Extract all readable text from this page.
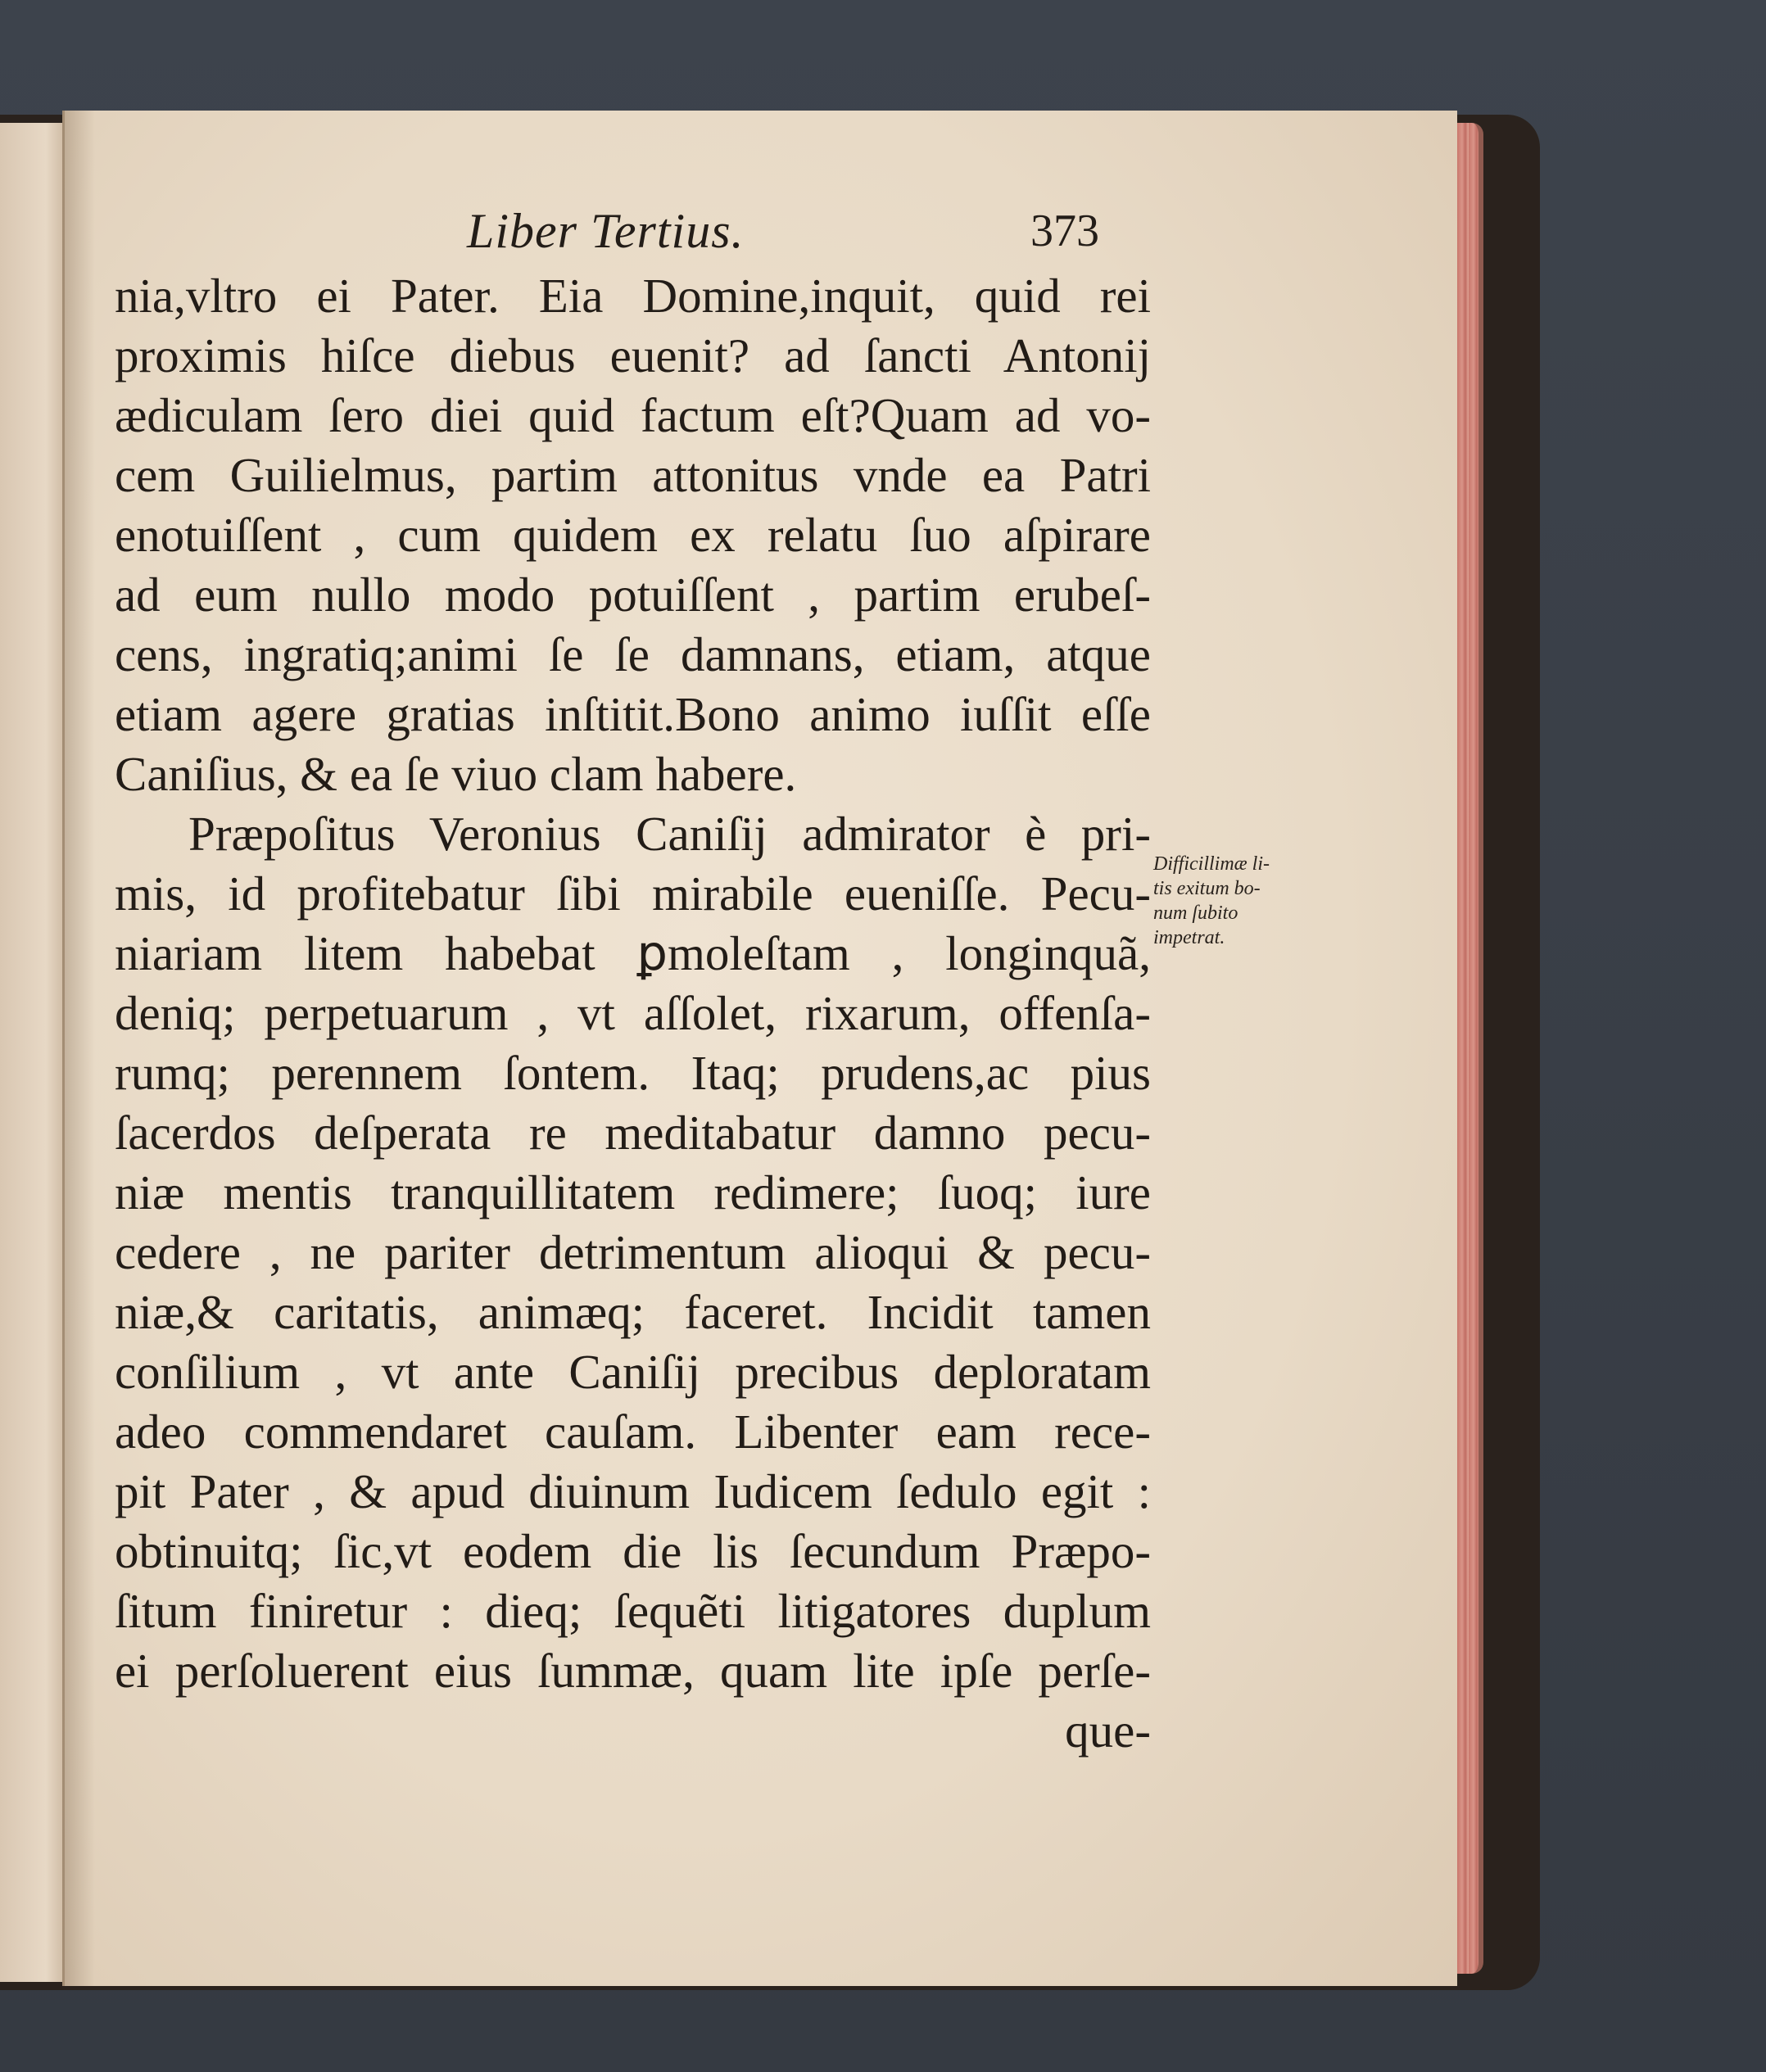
Liber Tertius.	373
nia,vltro ei Pater. Eia Domine,inquit, quid rei
proximis hiſce diebus euenit? ad ſancti Antonij
ædiculam ſero diei quid factum eſt?Quam ad vo-
cem Guilielmus, partim attonitus vnde ea Patri
enotuiſſent , cum quidem ex relatu ſuo aſpirare
ad eum nullo modo potuiſſent , partim erubeſ-
cens, ingratiq;animi ſe ſe damnans, etiam, atque
etiam agere gratias inſtitit.Bono animo iuſſit eſſe
Caniſius, & ea ſe viuo clam habere.
Præpoſitus Veronius Caniſij admirator è pri-
mis, id profitebatur ſibi mirabile eueniſſe. Pecu-
niariam litem habebat ꝑmoleſtam , longinquã,
deniq; perpetuarum , vt aſſolet, rixarum, offenſa-
rumq; perennem ſontem. Itaq; prudens,ac pius
ſacerdos deſperata re meditabatur damno pecu-
niæ mentis tranquillitatem redimere; ſuoq; iure
cedere , ne pariter detrimentum alioqui & pecu-
niæ,& caritatis, animæq; faceret. Incidit tamen
conſilium , vt ante Caniſij precibus deploratam
adeo commendaret cauſam. Libenter eam rece-
pit Pater , & apud diuinum Iudicem ſedulo egit :
obtinuitq; ſic,vt eodem die lis ſecundum Præpo-
ſitum finiretur : dieq; ſequẽti litigatores duplum
ei perſoluerent eius ſummæ, quam lite ipſe perſe-
que-
Difficillimæ li-
tis exitum bo-
num ſubito
impetrat.
